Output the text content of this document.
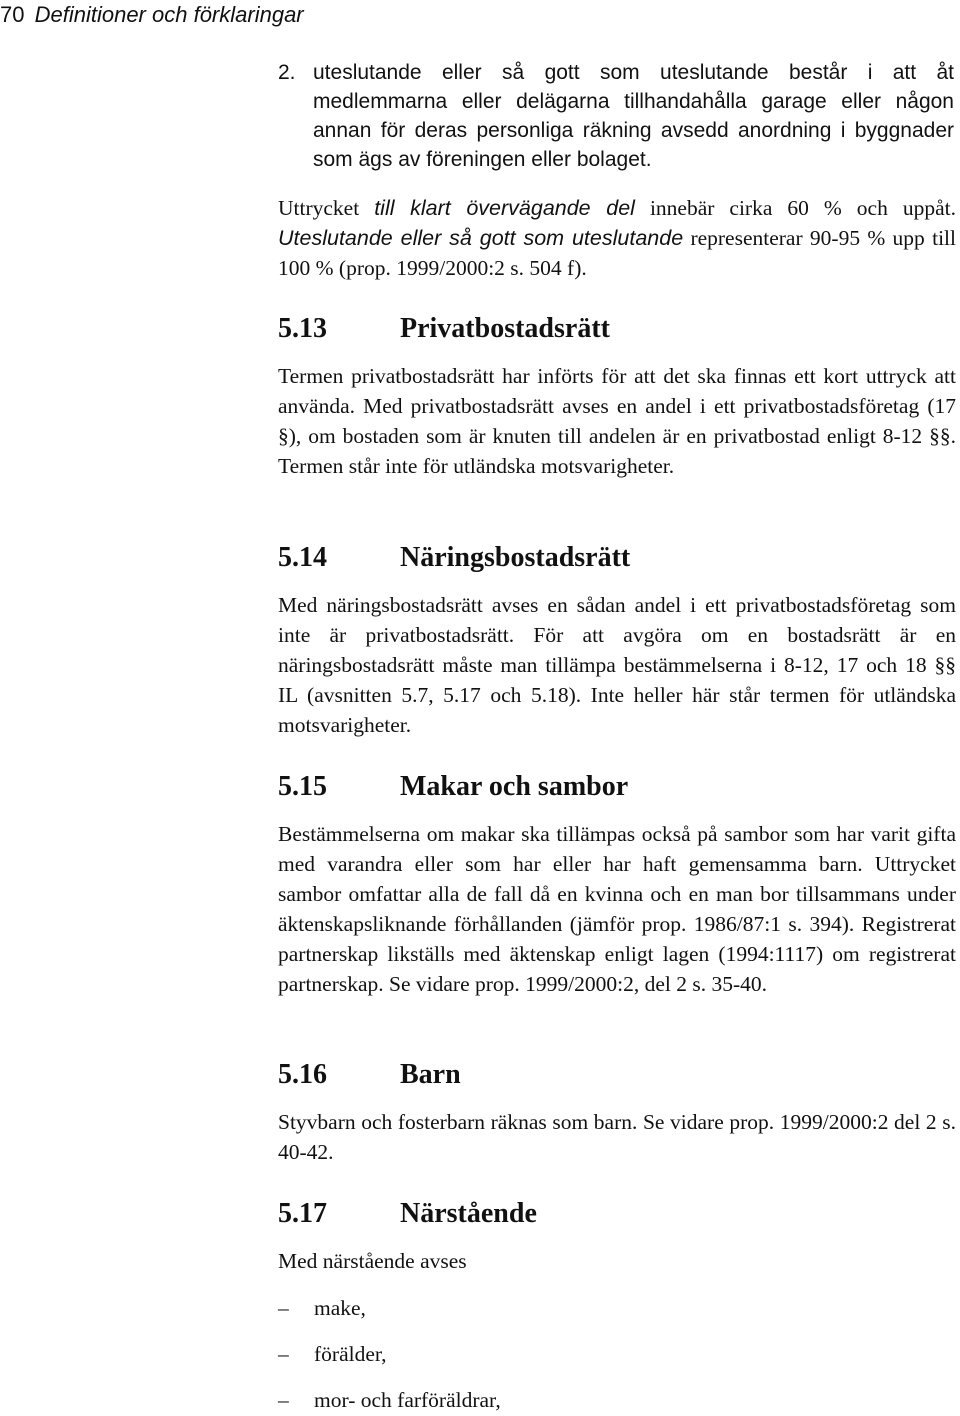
70 Definitioner och förklaringar
2. uteslutande eller så gott som uteslutande består i att åt medlemmarna eller delägarna tillhandahålla garage eller någon annan för deras personliga räkning avsedd anordning i byggnader som ägs av föreningen eller bolaget.
Uttrycket till klart övervägande del innebär cirka 60 % och uppåt. Uteslutande eller så gott som uteslutande representerar 90-95 % upp till 100 % (prop. 1999/2000:2 s. 504 f).
5.13	Privatbostadsrätt
Termen privatbostadsrätt har införts för att det ska finnas ett kort uttryck att använda. Med privatbostadsrätt avses en andel i ett privatbostadsföretag (17 §), om bostaden som är knuten till andelen är en privatbostad enligt 8-12 §§. Termen står inte för utländska motsvarigheter.
5.14	Näringsbostadsrätt
Med näringsbostadsrätt avses en sådan andel i ett privatbostadsföretag som inte är privatbostadsrätt. För att avgöra om en bostadsrätt är en näringsbostadsrätt måste man tillämpa bestämmelserna i 8-12, 17 och 18 §§ IL (avsnitten 5.7, 5.17 och 5.18). Inte heller här står termen för utländska motsvarigheter.
5.15	Makar och sambor
Bestämmelserna om makar ska tillämpas också på sambor som har varit gifta med varandra eller som har eller har haft gemensamma barn. Uttrycket sambor omfattar alla de fall då en kvinna och en man bor tillsammans under äktenskapsliknande förhållanden (jämför prop. 1986/87:1 s. 394). Registrerat partnerskap likställs med äktenskap enligt lagen (1994:1117) om registrerat partnerskap. Se vidare prop. 1999/2000:2, del 2 s. 35-40.
5.16	Barn
Styvbarn och fosterbarn räknas som barn. Se vidare prop. 1999/2000:2 del 2 s. 40-42.
5.17	Närstående
Med närstående avses
– make,
– förälder,
– mor- och farföräldrar,
